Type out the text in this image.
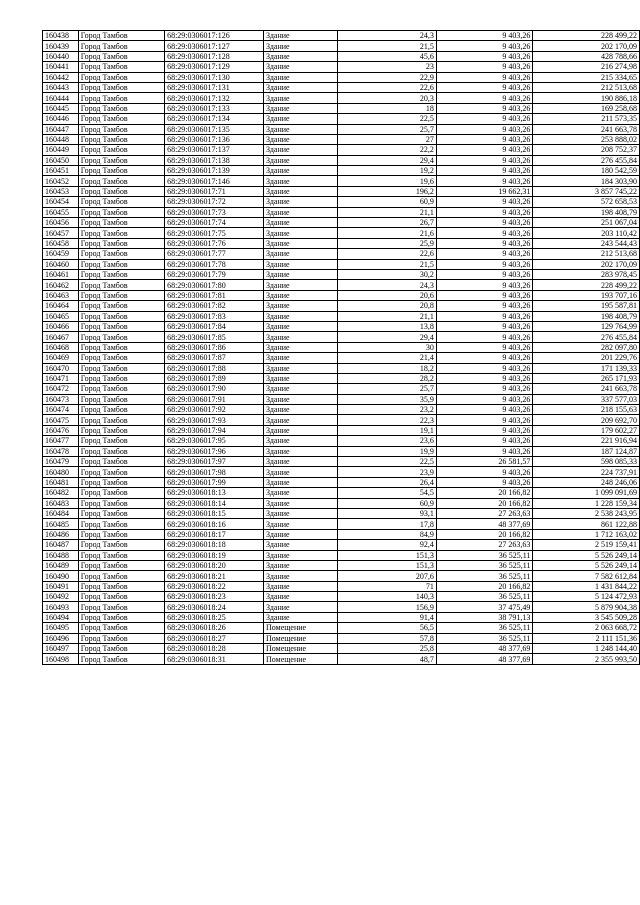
160438	Город Тамбов	68:29:0306017:126	Здание	24,3	9 403,26	228 499,22
160439	Город Тамбов	68:29:0306017:127	Здание	21,5	9 403,26	202 170,09
160440	Город Тамбов	68:29:0306017:128	Здание	45,6	9 403,26	428 788,66
160441	Город Тамбов	68:29:0306017:129	Здание	23	9 403,26	216 274,98
160442	Город Тамбов	68:29:0306017:130	Здание	22,9	9 403,26	215 334,65
160443	Город Тамбов	68:29:0306017:131	Здание	22,6	9 403,26	212 513,68
160444	Город Тамбов	68:29:0306017:132	Здание	20,3	9 403,26	190 886,18
160445	Город Тамбов	68:29:0306017:133	Здание	18	9 403,26	169 258,68
160446	Город Тамбов	68:29:0306017:134	Здание	22,5	9 403,26	211 573,35
160447	Город Тамбов	68:29:0306017:135	Здание	25,7	9 403,26	241 663,78
160448	Город Тамбов	68:29:0306017:136	Здание	27	9 403,26	253 888,02
160449	Город Тамбов	68:29:0306017:137	Здание	22,2	9 403,26	208 752,37
160450	Город Тамбов	68:29:0306017:138	Здание	29,4	9 403,26	276 455,84
160451	Город Тамбов	68:29:0306017:139	Здание	19,2	9 403,26	180 542,59
160452	Город Тамбов	68:29:0306017:146	Здание	19,6	9 403,26	184 303,90
160453	Город Тамбов	68:29:0306017:71	Здание	196,2	19 662,31	3 857 745,22
160454	Город Тамбов	68:29:0306017:72	Здание	60,9	9 403,26	572 658,53
160455	Город Тамбов	68:29:0306017:73	Здание	21,1	9 403,26	198 408,79
160456	Город Тамбов	68:29:0306017:74	Здание	26,7	9 403,26	251 067,04
160457	Город Тамбов	68:29:0306017:75	Здание	21,6	9 403,26	203 110,42
160458	Город Тамбов	68:29:0306017:76	Здание	25,9	9 403,26	243 544,43
160459	Город Тамбов	68:29:0306017:77	Здание	22,6	9 403,26	212 513,68
160460	Город Тамбов	68:29:0306017:78	Здание	21,5	9 403,26	202 170,09
160461	Город Тамбов	68:29:0306017:79	Здание	30,2	9 403,26	283 978,45
160462	Город Тамбов	68:29:0306017:80	Здание	24,3	9 403,26	228 499,22
160463	Город Тамбов	68:29:0306017:81	Здание	20,6	9 403,26	193 707,16
160464	Город Тамбов	68:29:0306017:82	Здание	20,8	9 403,26	195 587,81
160465	Город Тамбов	68:29:0306017:83	Здание	21,1	9 403,26	198 408,79
160466	Город Тамбов	68:29:0306017:84	Здание	13,8	9 403,26	129 764,99
160467	Город Тамбов	68:29:0306017:85	Здание	29,4	9 403,26	276 455,84
160468	Город Тамбов	68:29:0306017:86	Здание	30	9 403,26	282 097,80
160469	Город Тамбов	68:29:0306017:87	Здание	21,4	9 403,26	201 229,76
160470	Город Тамбов	68:29:0306017:88	Здание	18,2	9 403,26	171 139,33
160471	Город Тамбов	68:29:0306017:89	Здание	28,2	9 403,26	265 171,93
160472	Город Тамбов	68:29:0306017:90	Здание	25,7	9 403,26	241 663,78
160473	Город Тамбов	68:29:0306017:91	Здание	35,9	9 403,26	337 577,03
160474	Город Тамбов	68:29:0306017:92	Здание	23,2	9 403,26	218 155,63
160475	Город Тамбов	68:29:0306017:93	Здание	22,3	9 403,26	209 692,70
160476	Город Тамбов	68:29:0306017:94	Здание	19,1	9 403,26	179 602,27
160477	Город Тамбов	68:29:0306017:95	Здание	23,6	9 403,26	221 916,94
160478	Город Тамбов	68:29:0306017:96	Здание	19,9	9 403,26	187 124,87
160479	Город Тамбов	68:29:0306017:97	Здание	22,5	26 581,57	598 085,33
160480	Город Тамбов	68:29:0306017:98	Здание	23,9	9 403,26	224 737,91
160481	Город Тамбов	68:29:0306017:99	Здание	26,4	9 403,26	248 246,06
160482	Город Тамбов	68:29:0306018:13	Здание	54,5	20 166,82	1 099 091,69
160483	Город Тамбов	68:29:0306018:14	Здание	60,9	20 166,82	1 228 159,34
160484	Город Тамбов	68:29:0306018:15	Здание	93,1	27 263,63	2 538 243,95
160485	Город Тамбов	68:29:0306018:16	Здание	17,8	48 377,69	861 122,88
160486	Город Тамбов	68:29:0306018:17	Здание	84,9	20 166,82	1 712 163,02
160487	Город Тамбов	68:29:0306018:18	Здание	92,4	27 263,63	2 519 159,41
160488	Город Тамбов	68:29:0306018:19	Здание	151,3	36 525,11	5 526 249,14
160489	Город Тамбов	68:29:0306018:20	Здание	151,3	36 525,11	5 526 249,14
160490	Город Тамбов	68:29:0306018:21	Здание	207,6	36 525,11	7 582 612,84
160491	Город Тамбов	68:29:0306018:22	Здание	71	20 166,82	1 431 844,22
160492	Город Тамбов	68:29:0306018:23	Здание	140,3	36 525,11	5 124 472,93
160493	Город Тамбов	68:29:0306018:24	Здание	156,9	37 475,49	5 879 904,38
160494	Город Тамбов	68:29:0306018:25	Здание	91,4	38 791,13	3 545 509,28
160495	Город Тамбов	68:29:0306018:26	Помещение	56,5	36 525,11	2 063 668,72
160496	Город Тамбов	68:29:0306018:27	Помещение	57,8	36 525,11	2 111 151,36
160497	Город Тамбов	68:29:0306018:28	Помещение	25,8	48 377,69	1 248 144,40
160498	Город Тамбов	68:29:0306018:31	Помещение	48,7	48 377,69	2 355 993,50
